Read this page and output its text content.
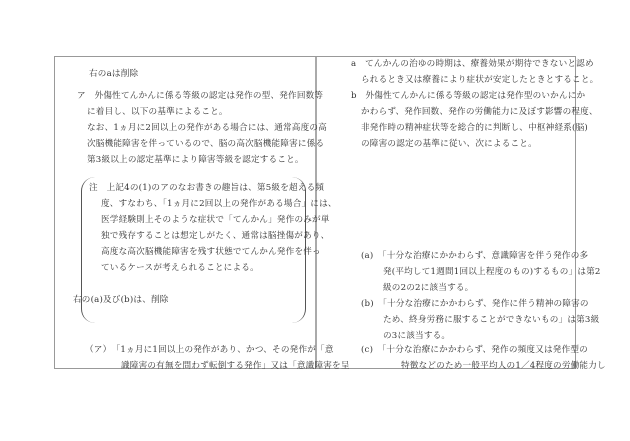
右のaは削除
ア　外傷性てんかんに係る等級の認定は発作の型、発作回数等
に着目し、以下の基準によること。
なお、1ヵ月に2回以上の発作がある場合には、通常高度の高
次脳機能障害を伴っているので、脳の高次脳機能障害に係る
第3級以上の認定基準により障害等級を認定すること。
注　上記4の(1)のアのなお書きの趣旨は、第5級を超える頻
度、すなわち、「1ヵ月に2回以上の発作がある場合」には、
医学経験則上そのような症状で「てんかん」発作のみが単
独で残存することは想定しがたく、通常は脳挫傷があり、
高度な高次脳機能障害を残す状態でてんかん発作を伴っ
ているケースが考えられることによる。
右の(a)及び(b)は、削除
（ア）　「1ヵ月に1回以上の発作があり、かつ、その発作が「意
識障害の有無を問わず転倒する発作」又は「意識障害を呈
a　てんかんの治ゆの時期は、療養効果が期待できないと認め
られるとき又は療養により症状が安定したときとすること。
b　外傷性てんかんに係る等級の認定は発作型のいかんにか
かわらず、発作回数、発作の労働能力に及ぼす影響の程度、
非発作時の精神症状等を総合的に判断し、中枢神経系(脳)
の障害の認定の基準に従い、次によること。
(a)　「十分な治療にかかわらず、意識障害を伴う発作の多
発(平均して1週間1回以上程度のもの)するもの」は第2
級の2の2に該当する。
(b)　「十分な治療にかかわらず、発作に伴う精神の障害の
ため、終身労務に服することができないもの」は第3級
の3に該当する。
(c)　「十分な治療にかかわらず、発作の頻度又は発作型の
特徴などのため一般平均人の1／4程度の労働能力し
